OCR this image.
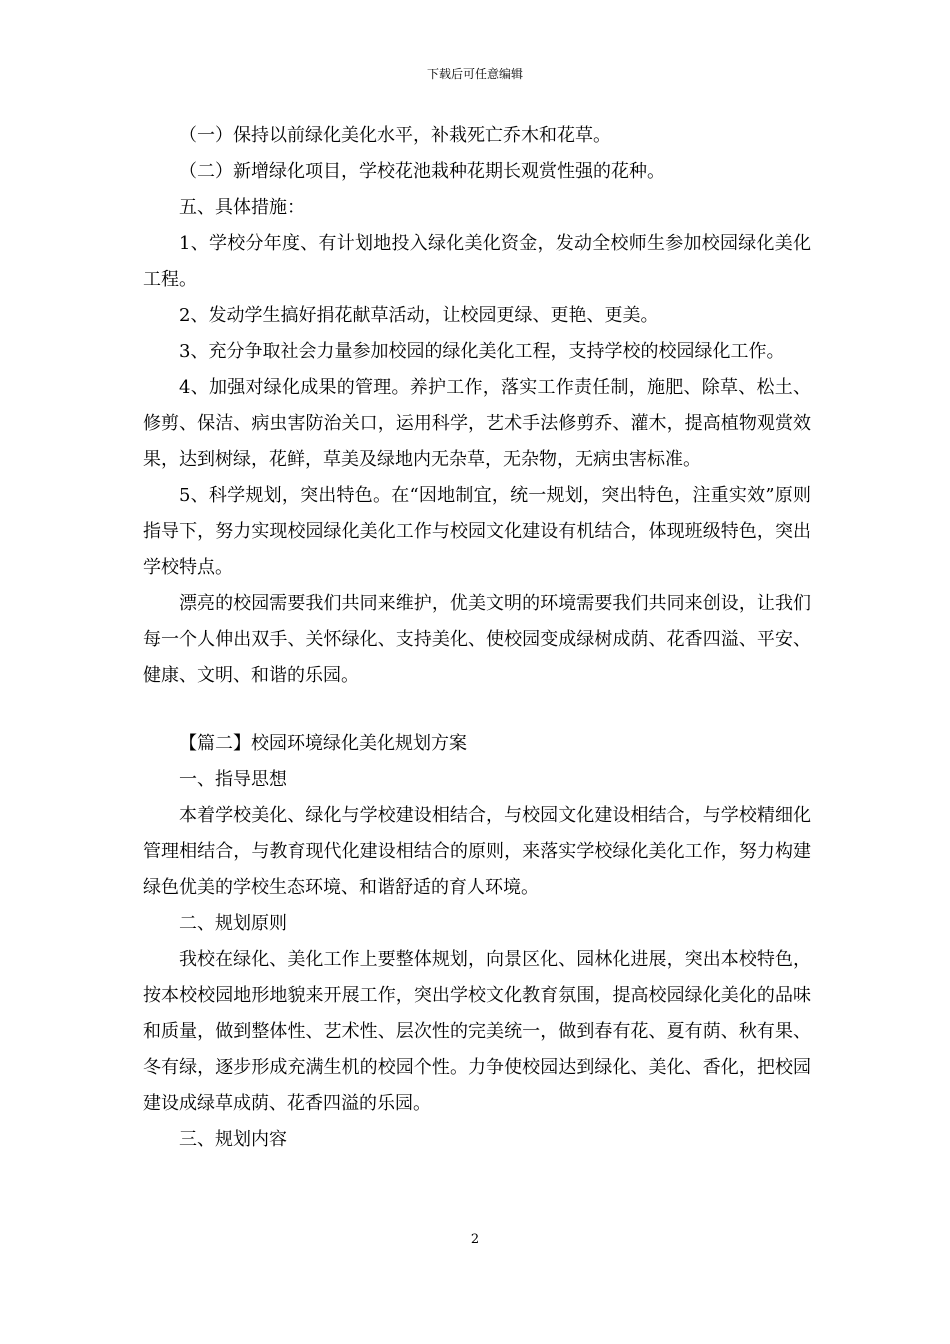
下载后可任意编辑

（一）保持以前绿化美化水平，补栽死亡乔木和花草。

（二）新增绿化项目，学校花池栽种花期长观赏性强的花种。

五、具体措施：

1、学校分年度、有计划地投入绿化美化资金，发动全校师生参加校园绿化美化工程。

2、发动学生搞好捐花献草活动，让校园更绿、更艳、更美。

3、充分争取社会力量参加校园的绿化美化工程，支持学校的校园绿化工作。

4、加强对绿化成果的管理。养护工作，落实工作责任制，施肥、除草、松土、修剪、保洁、病虫害防治关口，运用科学，艺术手法修剪乔、灌木，提高植物观赏效果，达到树绿，花鲜，草美及绿地内无杂草，无杂物，无病虫害标准。

5、科学规划，突出特色。在“因地制宜，统一规划，突出特色，注重实效”原则指导下，努力实现校园绿化美化工作与校园文化建设有机结合，体现班级特色，突出学校特点。

漂亮的校园需要我们共同来维护，优美文明的环境需要我们共同来创设，让我们每一个人伸出双手、关怀绿化、支持美化、使校园变成绿树成荫、花香四溢、平安、健康、文明、和谐的乐园。

【篇二】校园环境绿化美化规划方案

一、指导思想

本着学校美化、绿化与学校建设相结合，与校园文化建设相结合，与学校精细化管理相结合，与教育现代化建设相结合的原则，来落实学校绿化美化工作，努力构建绿色优美的学校生态环境、和谐舒适的育人环境。

二、规划原则

我校在绿化、美化工作上要整体规划，向景区化、园林化进展，突出本校特色，按本校校园地形地貌来开展工作，突出学校文化教育氛围，提高校园绿化美化的品味和质量，做到整体性、艺术性、层次性的完美统一，做到春有花、夏有荫、秋有果、冬有绿，逐步形成充满生机的校园个性。力争使校园达到绿化、美化、香化，把校园建设成绿草成荫、花香四溢的乐园。

三、规划内容

2
